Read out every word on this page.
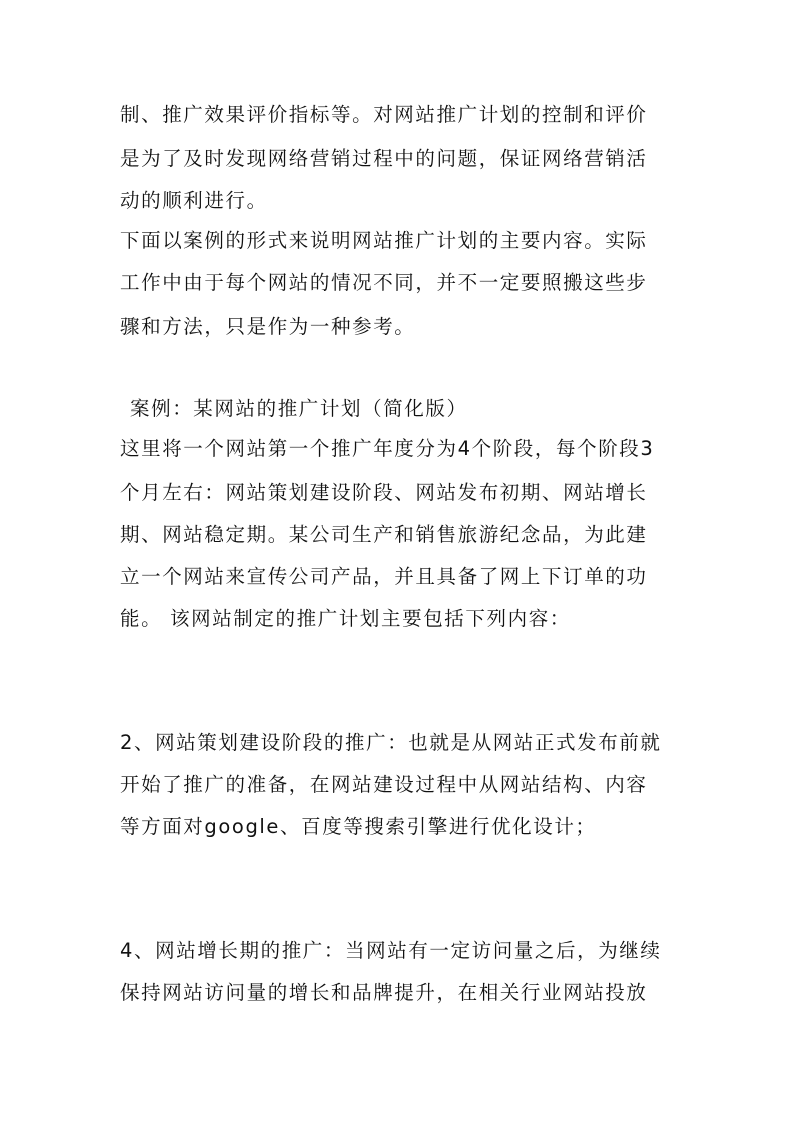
制、推广效果评价指标等。对网站推广计划的控制和评价
是为了及时发现网络营销过程中的问题，保证网络营销活
动的顺利进行。
下面以案例的形式来说明网站推广计划的主要内容。实际
工作中由于每个网站的情况不同，并不一定要照搬这些步
骤和方法，只是作为一种参考。
案例：某网站的推广计划（简化版）
这里将一个网站第一个推广年度分为4个阶段，每个阶段3
个月左右：网站策划建设阶段、网站发布初期、网站增长
期、网站稳定期。某公司生产和销售旅游纪念品，为此建
立一个网站来宣传公司产品，并且具备了网上下订单的功
能。 该网站制定的推广计划主要包括下列内容：
2、网站策划建设阶段的推广：也就是从网站正式发布前就
开始了推广的准备，在网站建设过程中从网站结构、内容
等方面对google、百度等搜索引擎进行优化设计；
4、网站增长期的推广：当网站有一定访问量之后，为继续
保持网站访问量的增长和品牌提升，在相关行业网站投放
